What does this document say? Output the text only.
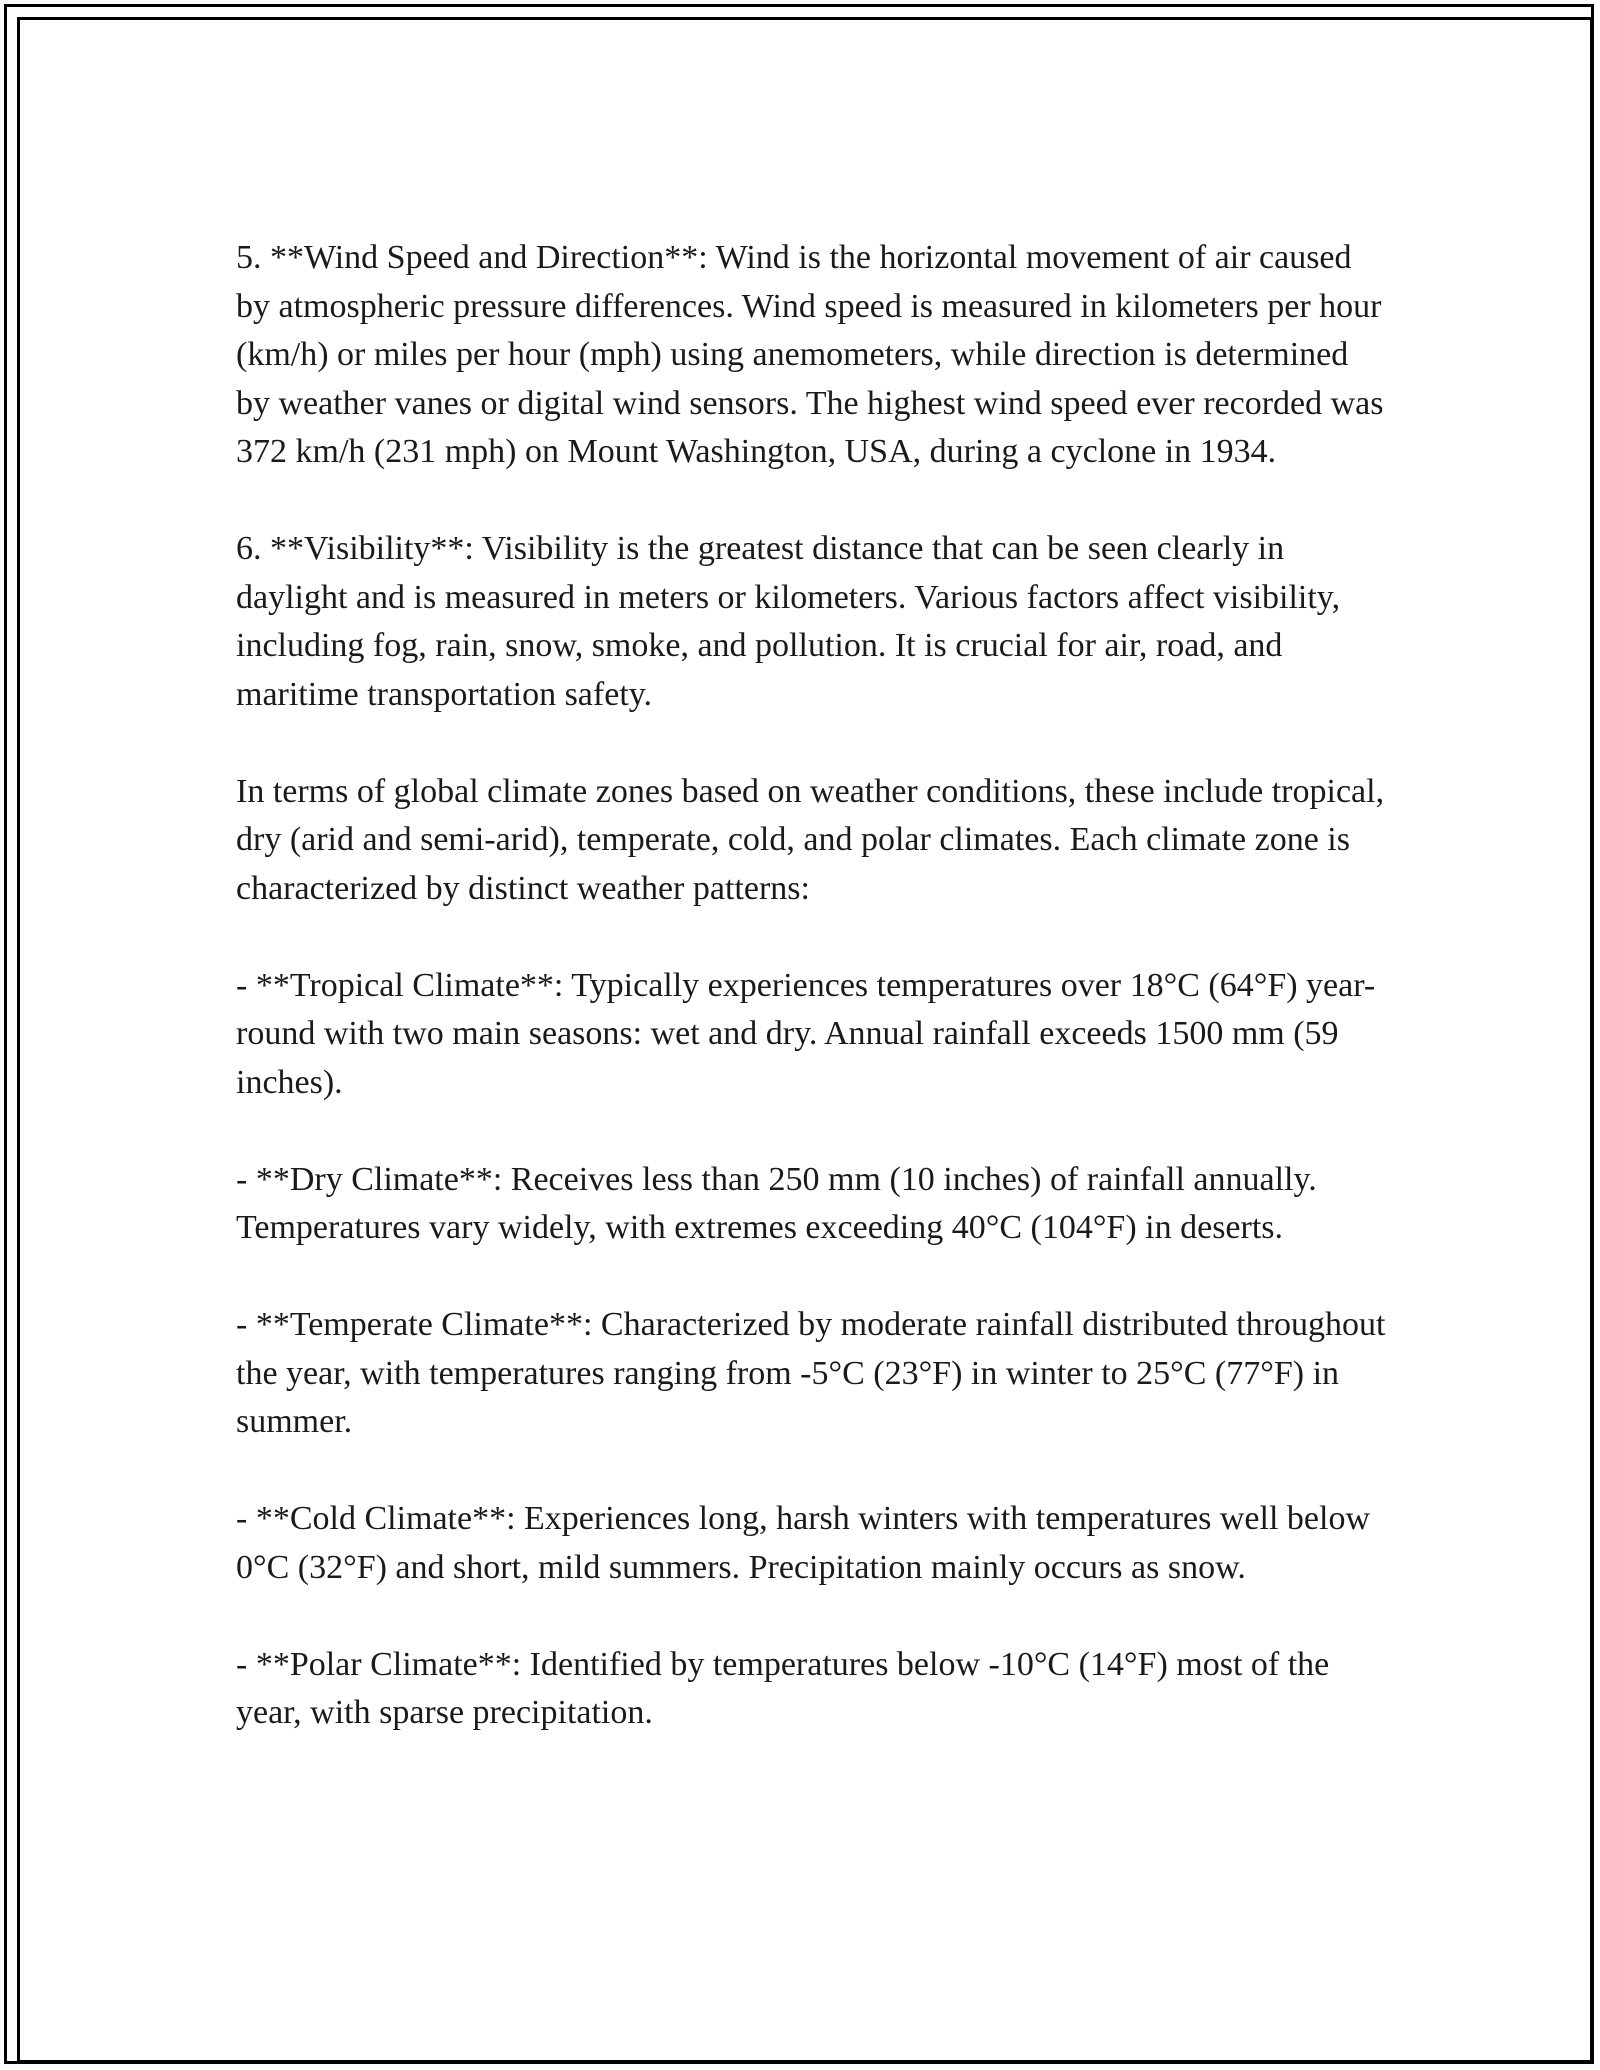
5. **Wind Speed and Direction**: Wind is the horizontal movement of air caused by atmospheric pressure differences. Wind speed is measured in kilometers per hour (km/h) or miles per hour (mph) using anemometers, while direction is determined by weather vanes or digital wind sensors. The highest wind speed ever recorded was 372 km/h (231 mph) on Mount Washington, USA, during a cyclone in 1934.

6. **Visibility**: Visibility is the greatest distance that can be seen clearly in daylight and is measured in meters or kilometers. Various factors affect visibility, including fog, rain, snow, smoke, and pollution. It is crucial for air, road, and maritime transportation safety.

In terms of global climate zones based on weather conditions, these include tropical, dry (arid and semi-arid), temperate, cold, and polar climates. Each climate zone is characterized by distinct weather patterns:

- **Tropical Climate**: Typically experiences temperatures over 18°C (64°F) year-round with two main seasons: wet and dry. Annual rainfall exceeds 1500 mm (59 inches).

- **Dry Climate**: Receives less than 250 mm (10 inches) of rainfall annually. Temperatures vary widely, with extremes exceeding 40°C (104°F) in deserts.

- **Temperate Climate**: Characterized by moderate rainfall distributed throughout the year, with temperatures ranging from -5°C (23°F) in winter to 25°C (77°F) in summer.

- **Cold Climate**: Experiences long, harsh winters with temperatures well below 0°C (32°F) and short, mild summers. Precipitation mainly occurs as snow.

- **Polar Climate**: Identified by temperatures below -10°C (14°F) most of the year, with sparse precipitation.
